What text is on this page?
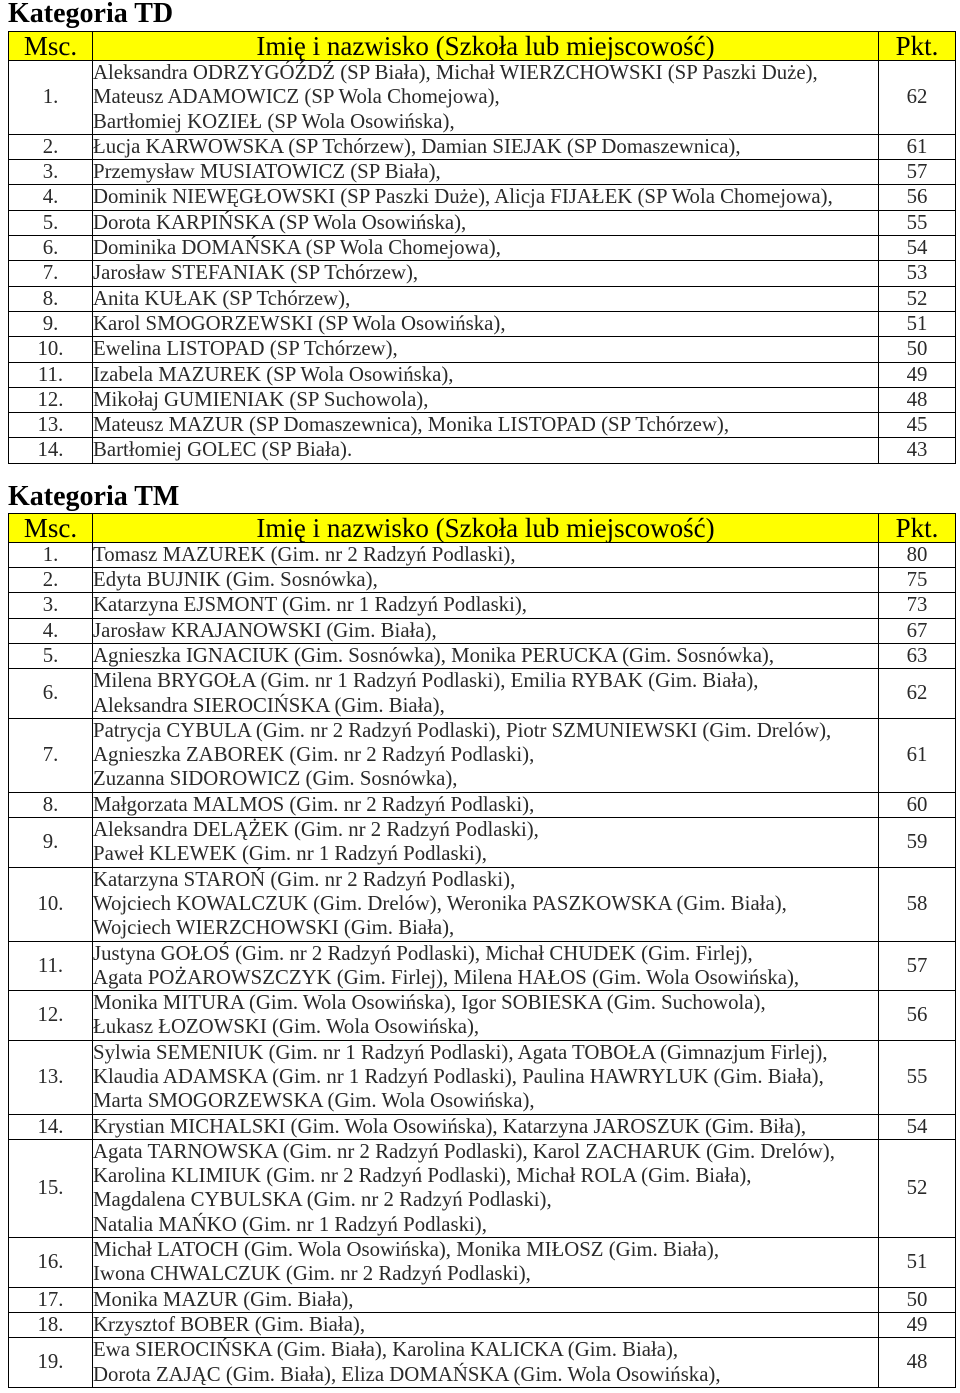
Kategoria TD
Msc.	Imię i nazwisko (Szkoła lub miejscowość)	Pkt.
1.	Aleksandra ODRZYGÓŹDŹ (SP Biała), Michał WIERZCHOWSKI (SP Paszki Duże),
Mateusz ADAMOWICZ (SP Wola Chomejowa),
Bartłomiej KOZIEŁ (SP Wola Osowińska),	62
2.	Łucja KARWOWSKA (SP Tchórzew), Damian SIEJAK (SP Domaszewnica),	61
3.	Przemysław MUSIATOWICZ (SP Biała),	57
4.	Dominik NIEWĘGŁOWSKI (SP Paszki Duże), Alicja FIJAŁEK (SP Wola Chomejowa),	56
5.	Dorota KARPIŃSKA (SP Wola Osowińska),	55
6.	Dominika DOMAŃSKA (SP Wola Chomejowa),	54
7.	Jarosław STEFANIAK (SP Tchórzew),	53
8.	Anita KUŁAK (SP Tchórzew),	52
9.	Karol SMOGORZEWSKI (SP Wola Osowińska),	51
10.	Ewelina LISTOPAD (SP Tchórzew),	50
11.	Izabela MAZUREK (SP Wola Osowińska),	49
12.	Mikołaj GUMIENIAK (SP Suchowola),	48
13.	Mateusz MAZUR (SP Domaszewnica), Monika LISTOPAD (SP Tchórzew),	45
14.	Bartłomiej GOLEC (SP Biała).	43
Kategoria TM
Msc.	Imię i nazwisko (Szkoła lub miejscowość)	Pkt.
1.	Tomasz MAZUREK (Gim. nr 2 Radzyń Podlaski),	80
2.	Edyta BUJNIK (Gim. Sosnówka),	75
3.	Katarzyna EJSMONT (Gim. nr 1 Radzyń Podlaski),	73
4.	Jarosław KRAJANOWSKI (Gim. Biała),	67
5.	Agnieszka IGNACIUK (Gim. Sosnówka), Monika PERUCKA (Gim. Sosnówka),	63
6.	Milena BRYGOŁA (Gim. nr 1 Radzyń Podlaski), Emilia RYBAK (Gim. Biała),
Aleksandra SIEROCIŃSKA (Gim. Biała),	62
7.	Patrycja CYBULA (Gim. nr 2 Radzyń Podlaski), Piotr SZMUNIEWSKI (Gim. Drelów),
Agnieszka ZABOREK (Gim. nr 2 Radzyń Podlaski),
Zuzanna SIDOROWICZ (Gim. Sosnówka),	61
8.	Małgorzata MALMOS (Gim. nr 2 Radzyń Podlaski),	60
9.	Aleksandra DELĄŻEK (Gim. nr 2 Radzyń Podlaski),
Paweł KLEWEK (Gim. nr 1 Radzyń Podlaski),	59
10.	Katarzyna STAROŃ (Gim. nr 2 Radzyń Podlaski),
Wojciech KOWALCZUK (Gim. Drelów), Weronika PASZKOWSKA (Gim. Biała),
Wojciech WIERZCHOWSKI (Gim. Biała),	58
11.	Justyna GOŁOŚ (Gim. nr 2 Radzyń Podlaski), Michał CHUDEK (Gim. Firlej),
Agata POŻAROWSZCZYK (Gim. Firlej), Milena HAŁOS (Gim. Wola Osowińska),	57
12.	Monika MITURA (Gim. Wola Osowińska), Igor SOBIESKA (Gim. Suchowola),
Łukasz ŁOZOWSKI (Gim. Wola Osowińska),	56
13.	Sylwia SEMENIUK (Gim. nr 1 Radzyń Podlaski), Agata TOBOŁA (Gimnazjum Firlej),
Klaudia ADAMSKA (Gim. nr 1 Radzyń Podlaski), Paulina HAWRYLUK (Gim. Biała),
Marta SMOGORZEWSKA (Gim. Wola Osowińska),	55
14.	Krystian MICHALSKI (Gim. Wola Osowińska), Katarzyna JAROSZUK (Gim. Biła),	54
15.	Agata TARNOWSKA (Gim. nr 2 Radzyń Podlaski), Karol ZACHARUK (Gim. Drelów),
Karolina KLIMIUK (Gim. nr 2 Radzyń Podlaski), Michał ROLA (Gim. Biała),
Magdalena CYBULSKA (Gim. nr 2 Radzyń Podlaski),
Natalia MAŃKO (Gim. nr 1 Radzyń Podlaski),	52
16.	Michał LATOCH (Gim. Wola Osowińska), Monika MIŁOSZ (Gim. Biała),
Iwona CHWALCZUK (Gim. nr 2 Radzyń Podlaski),	51
17.	Monika MAZUR (Gim. Biała),	50
18.	Krzysztof BOBER (Gim. Biała),	49
19.	Ewa SIEROCIŃSKA (Gim. Biała), Karolina KALICKA (Gim. Biała),
Dorota ZAJĄC (Gim. Biała), Eliza DOMAŃSKA (Gim. Wola Osowińska),	48
